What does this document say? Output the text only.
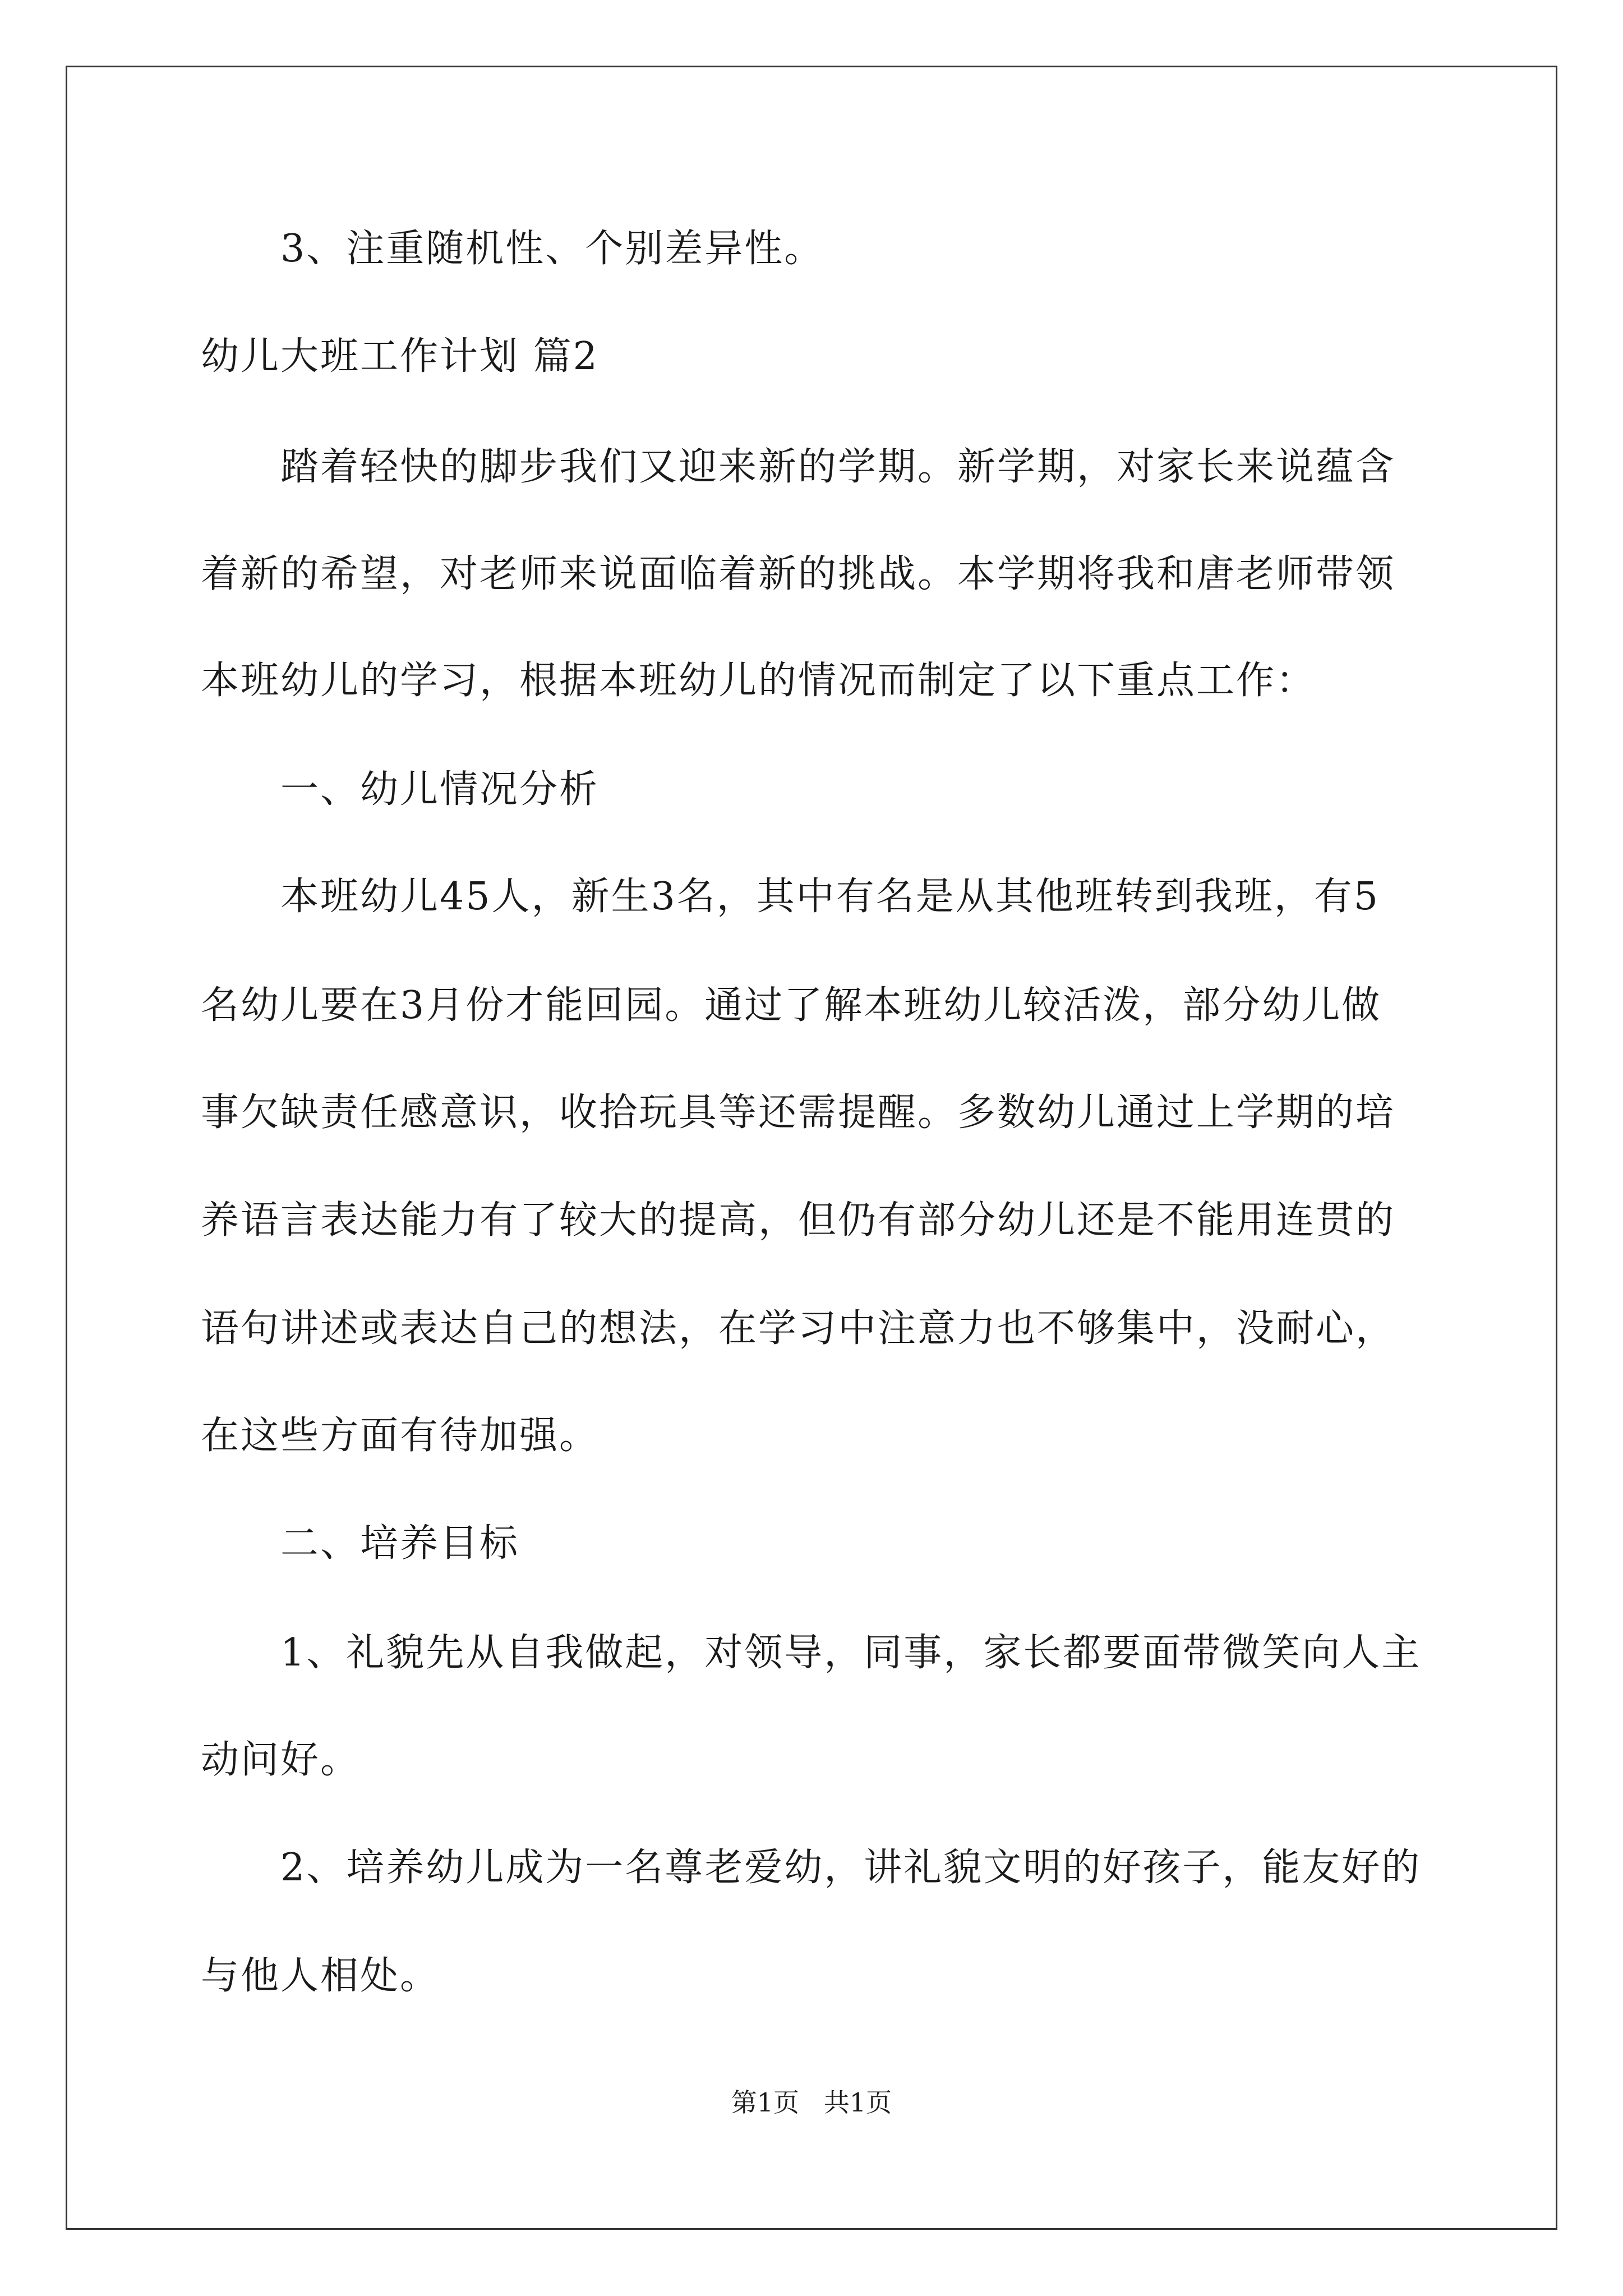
3、注重随机性、个别差异性。
幼儿大班工作计划 篇2
踏着轻快的脚步我们又迎来新的学期。新学期，对家长来说蕴含
着新的希望，对老师来说面临着新的挑战。本学期将我和唐老师带领
本班幼儿的学习，根据本班幼儿的情况而制定了以下重点工作：
一、幼儿情况分析
本班幼儿45人，新生3名，其中有名是从其他班转到我班，有5
名幼儿要在3月份才能回园。通过了解本班幼儿较活泼，部分幼儿做
事欠缺责任感意识，收拾玩具等还需提醒。多数幼儿通过上学期的培
养语言表达能力有了较大的提高，但仍有部分幼儿还是不能用连贯的
语句讲述或表达自己的想法，在学习中注意力也不够集中，没耐心，
在这些方面有待加强。
二、培养目标
1、礼貌先从自我做起，对领导，同事，家长都要面带微笑向人主
动问好。
2、培养幼儿成为一名尊老爱幼，讲礼貌文明的好孩子，能友好的
与他人相处。
第1页   共1页
